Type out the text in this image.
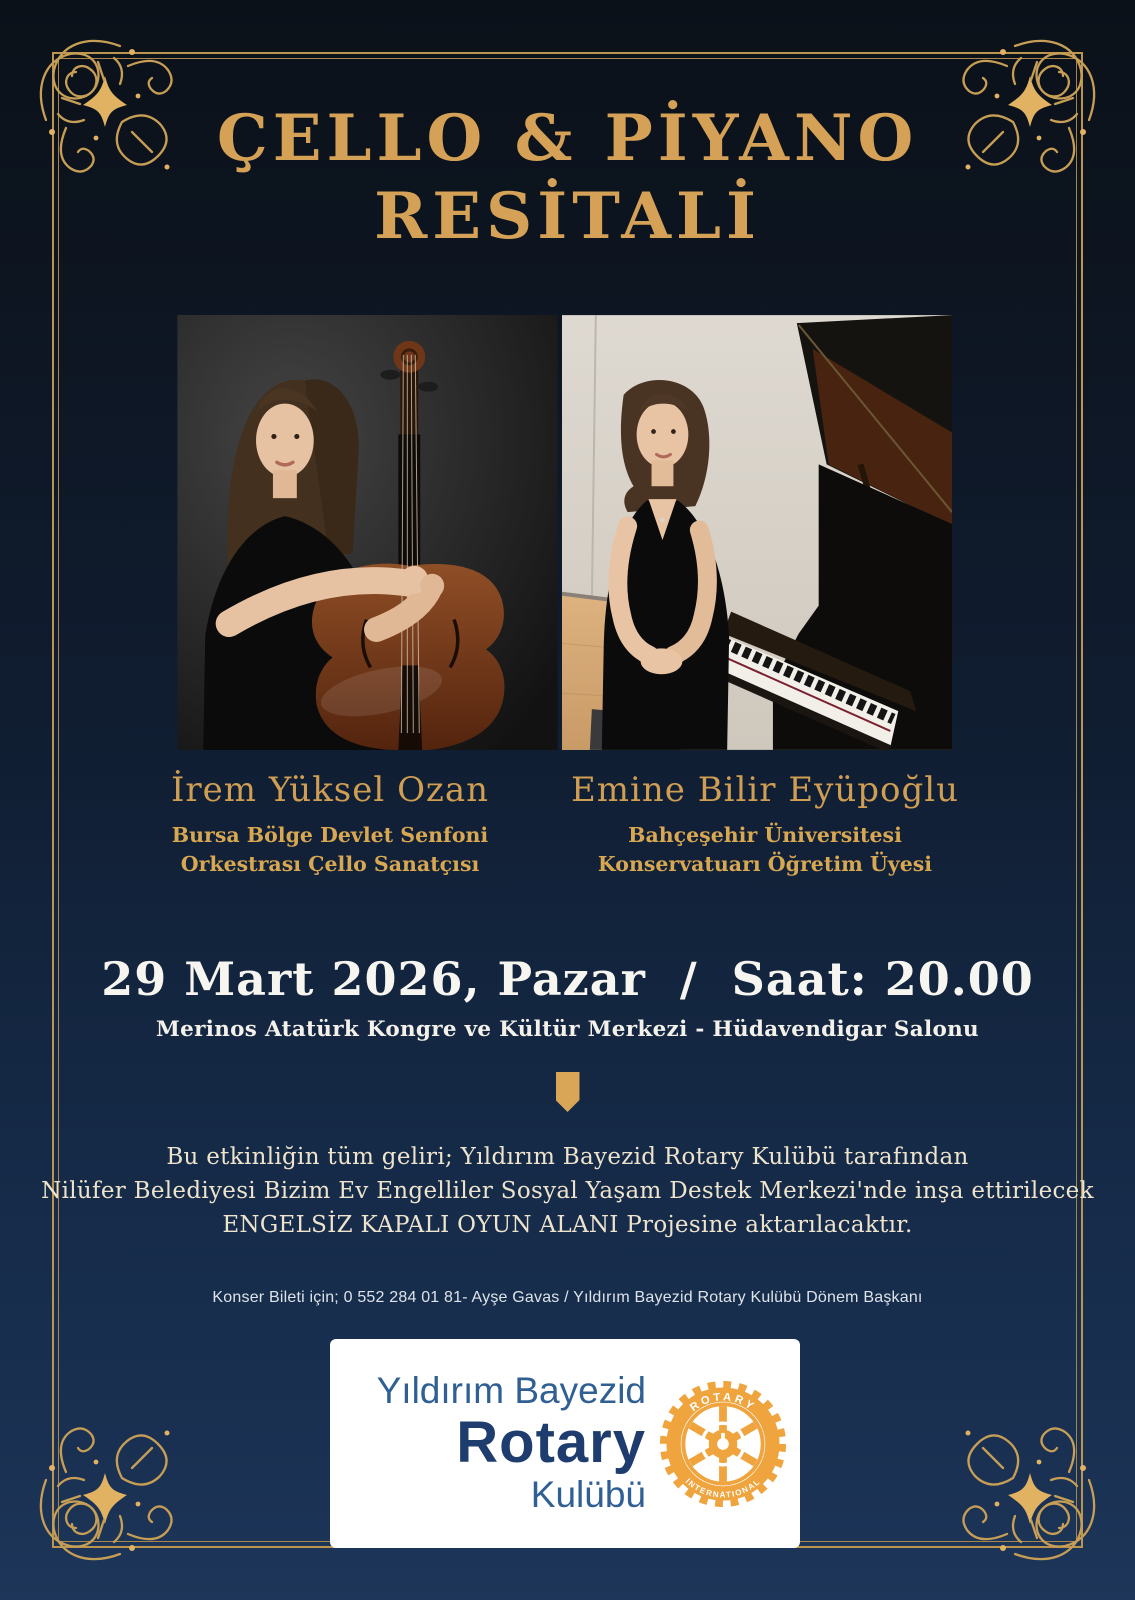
ÇELLO & PİYANO
RESİTALİ
İrem Yüksel Ozan
Bursa Bölge Devlet Senfoni
Orkestrası Çello Sanatçısı
Emine Bilir Eyüpoğlu
Bahçeşehir Üniversitesi
Konservatuarı Öğretim Üyesi
29 Mart 2026, Pazar  /  Saat: 20.00
Merinos Atatürk Kongre ve Kültür Merkezi - Hüdavendigar Salonu
Bu etkinliğin tüm geliri; Yıldırım Bayezid Rotary Kulübü tarafından
Nilüfer Belediyesi Bizim Ev Engelliler Sosyal Yaşam Destek Merkezi'nde inşa ettirilecek
ENGELSİZ KAPALI OYUN ALANI Projesine aktarılacaktır.
Konser Bileti için; 0 552 284 01 81- Ayşe Gavas / Yıldırım Bayezid Rotary Kulübü Dönem Başkanı
Yıldırım Bayezid
Rotary
Kulübü
ROTARY
INTERNATIONAL
